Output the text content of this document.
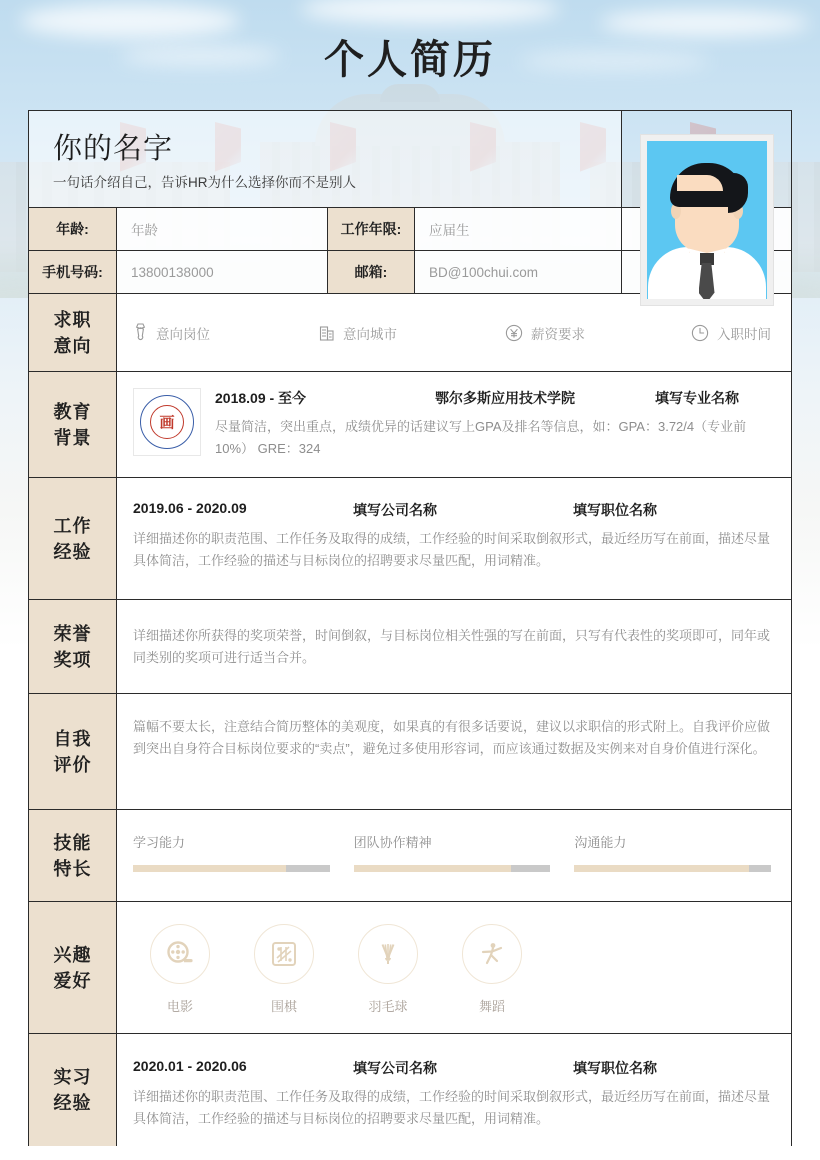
个人简历
你的名字
一句话介绍自己，告诉HR为什么选择你而不是别人
年龄:	年龄	工作年限:	应届生
手机号码:	13800138000	邮箱:	BD@100chui.com
求职
意向
意向岗位	意向城市	薪资要求	入职时间
教育
背景
画
2018.09 - 至今	鄂尔多斯应用技术学院	填写专业名称
尽量简洁，突出重点，成绩优异的话建议写上GPA及排名等信息，如：GPA：3.72/4（专业前10%） GRE：324
工作
经验
2019.06 - 2020.09	填写公司名称	填写职位名称
详细描述你的职责范围、工作任务及取得的成绩，工作经验的时间采取倒叙形式，最近经历写在前面，描述尽量具体简洁，工作经验的描述与目标岗位的招聘要求尽量匹配，用词精准。
荣誉
奖项
详细描述你所获得的奖项荣誉，时间倒叙，与目标岗位相关性强的写在前面，只写有代表性的奖项即可，同年或同类别的奖项可进行适当合并。
自我
评价
篇幅不要太长，注意结合简历整体的美观度，如果真的有很多话要说，建议以求职信的形式附上。自我评价应做到突出自身符合目标岗位要求的“卖点”，避免过多使用形容词，而应该通过数据及实例来对自身价值进行深化。
技能
特长
学习能力	团队协作精神	沟通能力
兴趣
爱好
电影	围棋	羽毛球	舞蹈
实习
经验
2020.01 - 2020.06	填写公司名称	填写职位名称
详细描述你的职责范围、工作任务及取得的成绩，工作经验的时间采取倒叙形式，最近经历写在前面，描述尽量具体简洁，工作经验的描述与目标岗位的招聘要求尽量匹配，用词精准。
